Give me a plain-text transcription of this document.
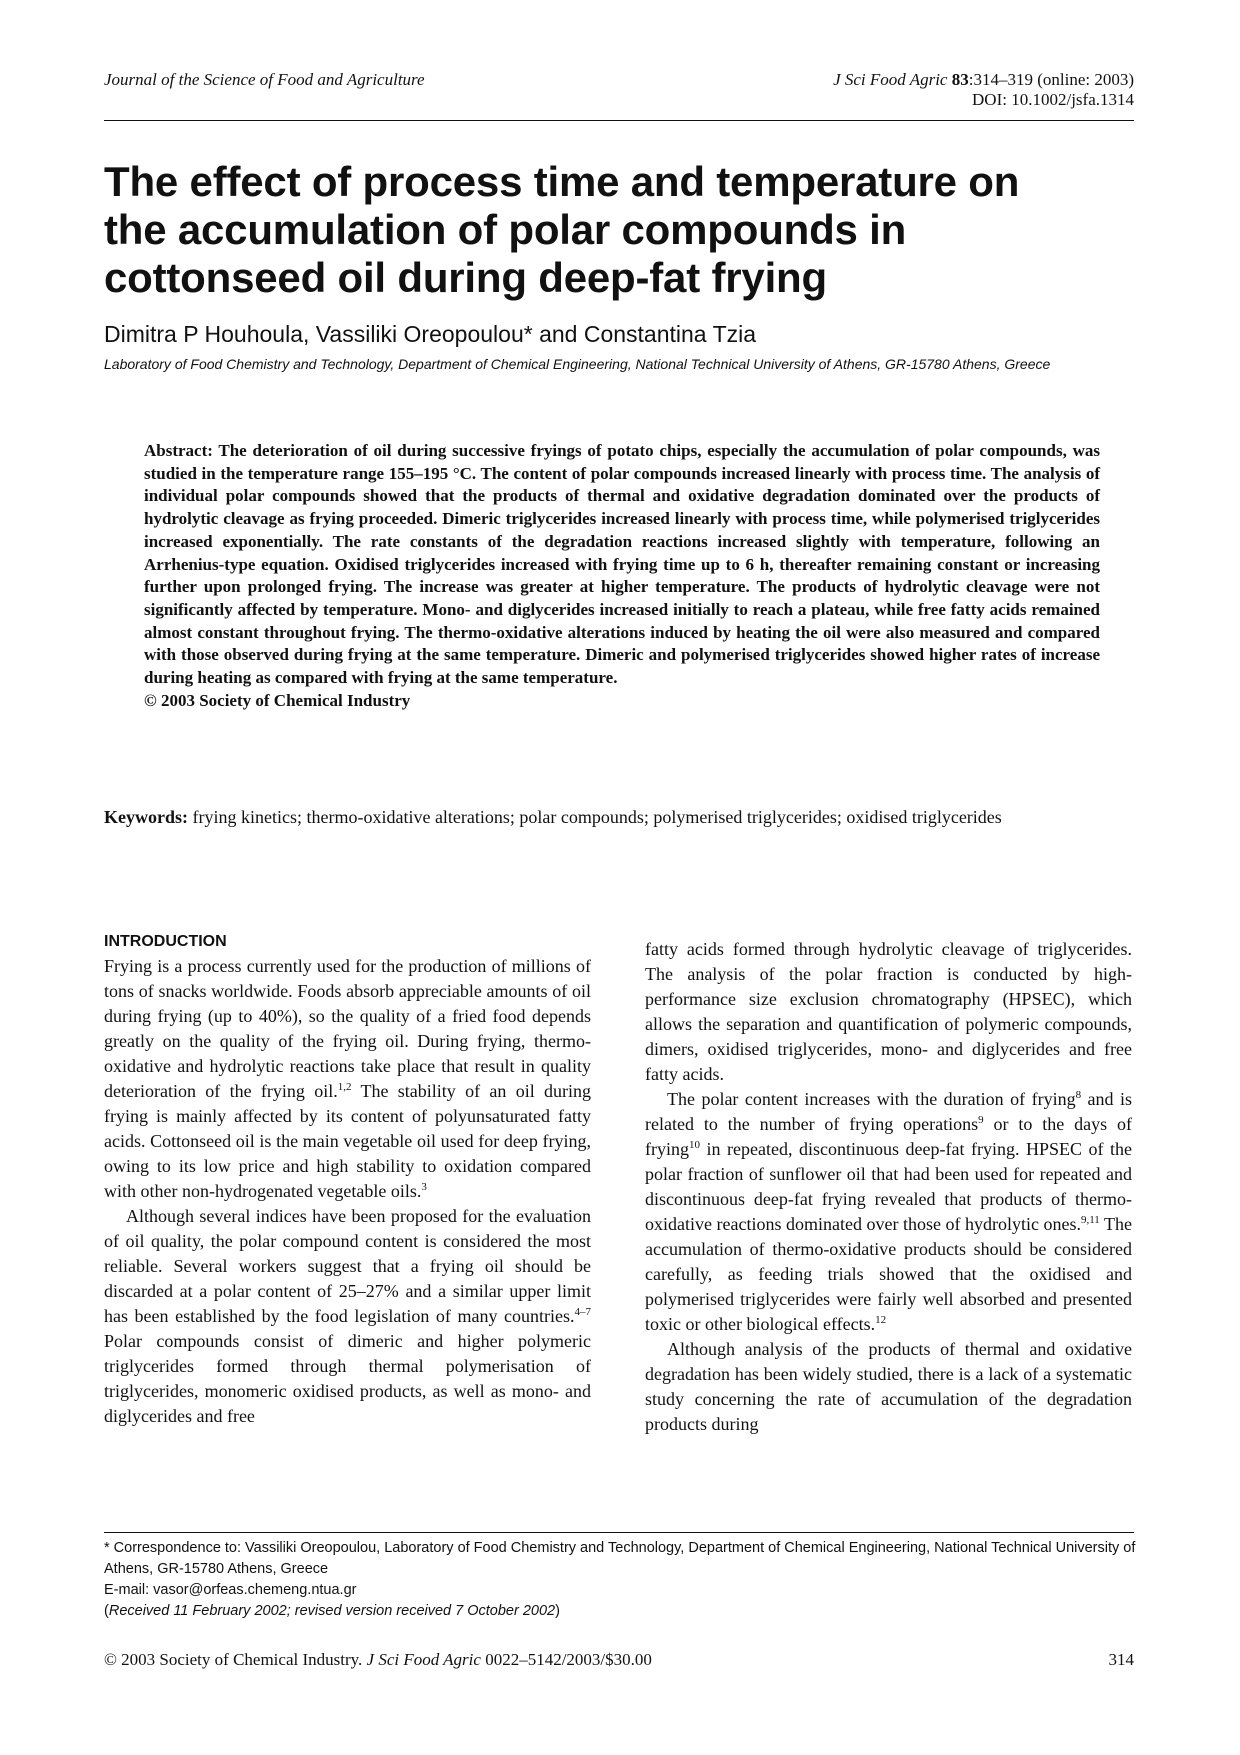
Journal of the Science of Food and Agriculture	J Sci Food Agric 83:314–319 (online: 2003)
DOI: 10.1002/jsfa.1314
The effect of process time and temperature on
the accumulation of polar compounds in
cottonseed oil during deep-fat frying
Dimitra P Houhoula, Vassiliki Oreopoulou* and Constantina Tzia
Laboratory of Food Chemistry and Technology, Department of Chemical Engineering, National Technical University of Athens, GR-15780 Athens, Greece
Abstract: The deterioration of oil during successive fryings of potato chips, especially the accumulation of polar compounds, was studied in the temperature range 155–195 °C. The content of polar compounds increased linearly with process time. The analysis of individual polar compounds showed that the products of thermal and oxidative degradation dominated over the products of hydrolytic cleavage as frying proceeded. Dimeric triglycerides increased linearly with process time, while polymerised triglycerides increased exponentially. The rate constants of the degradation reactions increased slightly with temperature, following an Arrhenius-type equation. Oxidised triglycerides increased with frying time up to 6 h, thereafter remaining constant or increasing further upon prolonged frying. The increase was greater at higher temperature. The products of hydrolytic cleavage were not significantly affected by temperature. Mono- and diglycerides increased initially to reach a plateau, while free fatty acids remained almost constant throughout frying. The thermo-oxidative alterations induced by heating the oil were also measured and compared with those observed during frying at the same temperature. Dimeric and polymerised triglycerides showed higher rates of increase during heating as compared with frying at the same temperature.
© 2003 Society of Chemical Industry
Keywords: frying kinetics; thermo-oxidative alterations; polar compounds; polymerised triglycerides; oxidised triglycerides
INTRODUCTION

Frying is a process currently used for the production of millions of tons of snacks worldwide. Foods absorb appreciable amounts of oil during frying (up to 40%), so the quality of a fried food depends greatly on the quality of the frying oil. During frying, thermo-oxidative and hydrolytic reactions take place that result in quality deterioration of the frying oil.$^{1,2}$ The stability of an oil during frying is mainly affected by its content of polyunsaturated fatty acids. Cottonseed oil is the main vegetable oil used for deep frying, owing to its low price and high stability to oxidation compared with other non-hydrogenated vegetable oils.$^3$

Although several indices have been proposed for the evaluation of oil quality, the polar compound content is considered the most reliable. Several workers suggest that a frying oil should be discarded at a polar content of 25–27% and a similar upper limit has been established by the food legislation of many countries.$^{4-7}$ Polar compounds consist of dimeric and higher polymeric triglycerides formed through thermal polymerisation of triglycerides, monomeric oxidised products, as well as mono- and diglycerides and free

fatty acids formed through hydrolytic cleavage of triglycerides. The analysis of the polar fraction is conducted by high-performance size exclusion chromatography (HPSEC), which allows the separation and quantification of polymeric compounds, dimers, oxidised triglycerides, mono- and diglycerides and free fatty acids.

The polar content increases with the duration of frying$^8$ and is related to the number of frying operations$^9$ or to the days of frying$^{10}$ in repeated, discontinuous deep-fat frying. HPSEC of the polar fraction of sunflower oil that had been used for repeated and discontinuous deep-fat frying revealed that products of thermo-oxidative reactions dominated over those of hydrolytic ones.$^{9,11}$ The accumulation of thermo-oxidative products should be considered carefully, as feeding trials showed that the oxidised and polymerised triglycerides were fairly well absorbed and presented toxic or other biological effects.$^{12}$

Although analysis of the products of thermal and oxidative degradation has been widely studied, there is a lack of a systematic study concerning the rate of accumulation of the degradation products during

* Correspondence to: Vassiliki Oreopoulou, Laboratory of Food Chemistry and Technology, Department of Chemical Engineering, National Technical University of Athens, GR-15780 Athens, Greece
E-mail: vasor@orfeas.chemeng.ntua.gr
(Received 11 February 2002; revised version received 7 October 2002)
© 2003 Society of Chemical Industry. J Sci Food Agric 0022–5142/2003/$30.00	314
